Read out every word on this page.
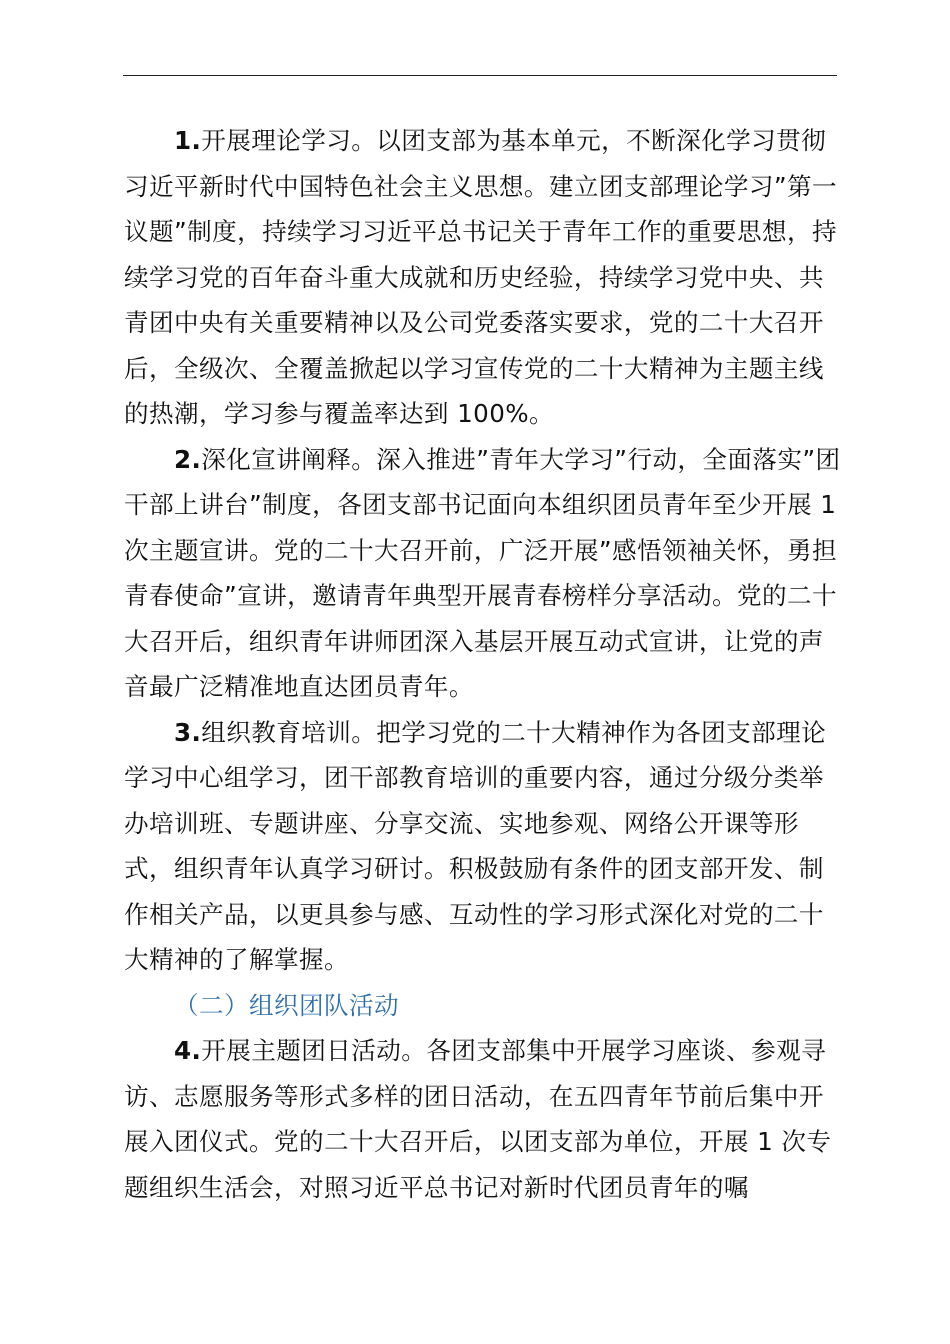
1.开展理论学习。以团支部为基本单元，不断深化学习贯彻习近平新时代中国特色社会主义思想。建立团支部理论学习”第一议题”制度，持续学习习近平总书记关于青年工作的重要思想，持续学习党的百年奋斗重大成就和历史经验，持续学习党中央、共青团中央有关重要精神以及公司党委落实要求，党的二十大召开后，全级次、全覆盖掀起以学习宣传党的二十大精神为主题主线的热潮，学习参与覆盖率达到 100%。

2.深化宣讲阐释。深入推进”青年大学习”行动，全面落实”团干部上讲台”制度，各团支部书记面向本组织团员青年至少开展 1 次主题宣讲。党的二十大召开前，广泛开展”感悟领袖关怀，勇担青春使命”宣讲，邀请青年典型开展青春榜样分享活动。党的二十大召开后，组织青年讲师团深入基层开展互动式宣讲，让党的声音最广泛精准地直达团员青年。

3.组织教育培训。把学习党的二十大精神作为各团支部理论学习中心组学习，团干部教育培训的重要内容，通过分级分类举办培训班、专题讲座、分享交流、实地参观、网络公开课等形式，组织青年认真学习研讨。积极鼓励有条件的团支部开发、制作相关产品，以更具参与感、互动性的学习形式深化对党的二十大精神的了解掌握。

（二）组织团队活动

4.开展主题团日活动。各团支部集中开展学习座谈、参观寻访、志愿服务等形式多样的团日活动，在五四青年节前后集中开展入团仪式。党的二十大召开后，以团支部为单位，开展 1 次专题组织生活会，对照习近平总书记对新时代团员青年的嘱
